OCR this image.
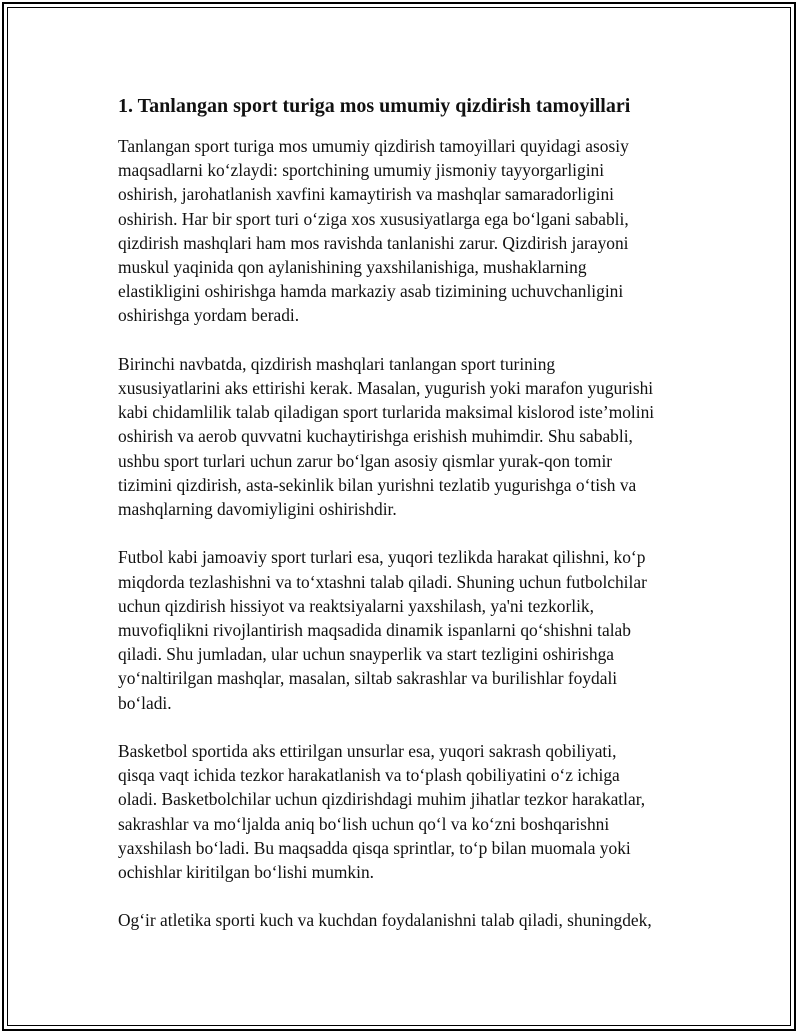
1. Tanlangan sport turiga mos umumiy qizdirish tamoyillari

Tanlangan sport turiga mos umumiy qizdirish tamoyillari quyidagi asosiy
maqsadlarni ko‘zlaydi: sportchining umumiy jismoniy tayyorgarligini
oshirish, jarohatlanish xavfini kamaytirish va mashqlar samaradorligini
oshirish. Har bir sport turi o‘ziga xos xususiyatlarga ega bo‘lgani sababli,
qizdirish mashqlari ham mos ravishda tanlanishi zarur. Qizdirish jarayoni
muskul yaqinida qon aylanishining yaxshilanishiga, mushaklarning
elastikligini oshirishga hamda markaziy asab tizimining uchuvchanligini
oshirishga yordam beradi.

Birinchi navbatda, qizdirish mashqlari tanlangan sport turining
xususiyatlarini aks ettirishi kerak. Masalan, yugurish yoki marafon yugurishi
kabi chidamlilik talab qiladigan sport turlarida maksimal kislorod iste’molini
oshirish va aerob quvvatni kuchaytirishga erishish muhimdir. Shu sababli,
ushbu sport turlari uchun zarur bo‘lgan asosiy qismlar yurak-qon tomir
tizimini qizdirish, asta-sekinlik bilan yurishni tezlatib yugurishga o‘tish va
mashqlarning davomiyligini oshirishdir.

Futbol kabi jamoaviy sport turlari esa, yuqori tezlikda harakat qilishni, ko‘p
miqdorda tezlashishni va to‘xtashni talab qiladi. Shuning uchun futbolchilar
uchun qizdirish hissiyot va reaktsiyalarni yaxshilash, ya'ni tezkorlik,
muvofiqlikni rivojlantirish maqsadida dinamik ispanlarni qo‘shishni talab
qiladi. Shu jumladan, ular uchun snayperlik va start tezligini oshirishga
yo‘naltirilgan mashqlar, masalan, siltab sakrashlar va burilishlar foydali
bo‘ladi.

Basketbol sportida aks ettirilgan unsurlar esa, yuqori sakrash qobiliyati,
qisqa vaqt ichida tezkor harakatlanish va to‘plash qobiliyatini o‘z ichiga
oladi. Basketbolchilar uchun qizdirishdagi muhim jihatlar tezkor harakatlar,
sakrashlar va mo‘ljalda aniq bo‘lish uchun qo‘l va ko‘zni boshqarishni
yaxshilash bo‘ladi. Bu maqsadda qisqa sprintlar, to‘p bilan muomala yoki
ochishlar kiritilgan bo‘lishi mumkin.

Og‘ir atletika sporti kuch va kuchdan foydalanishni talab qiladi, shuningdek,
